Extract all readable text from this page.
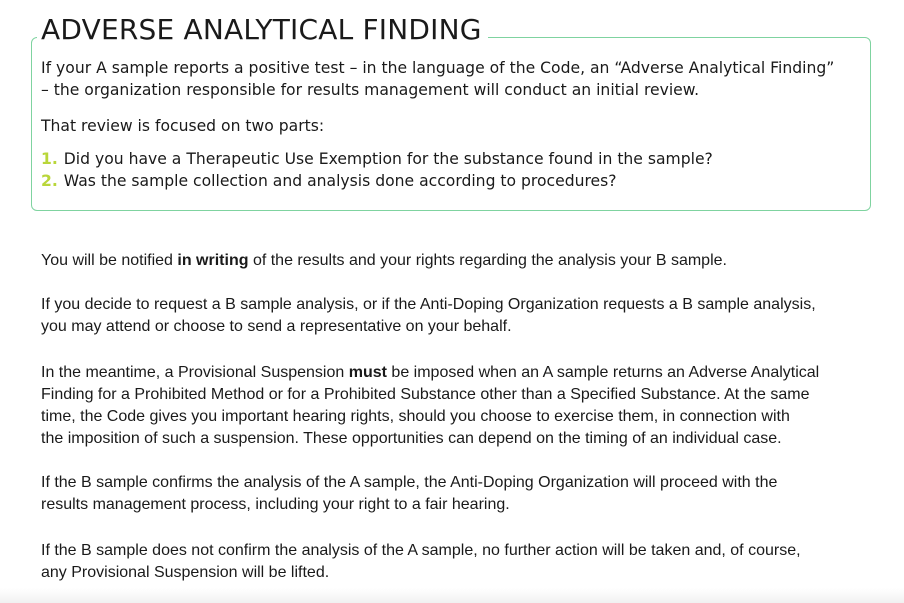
ADVERSE ANALYTICAL FINDING

If your A sample reports a positive test – in the language of the Code, an “Adverse Analytical Finding”

– the organization responsible for results management will conduct an initial review.

That review is focused on two parts:

1. Did you have a Therapeutic Use Exemption for the substance found in the sample?
2. Was the sample collection and analysis done according to procedures?

You will be notified in writing of the results and your rights regarding the analysis your B sample.

If you decide to request a B sample analysis, or if the Anti-Doping Organization requests a B sample analysis,
you may attend or choose to send a representative on your behalf.

In the meantime, a Provisional Suspension must be imposed when an A sample returns an Adverse Analytical
Finding for a Prohibited Method or for a Prohibited Substance other than a Specified Substance. At the same
time, the Code gives you important hearing rights, should you choose to exercise them, in connection with
the imposition of such a suspension. These opportunities can depend on the timing of an individual case.

If the B sample confirms the analysis of the A sample, the Anti-Doping Organization will proceed with the
results management process, including your right to a fair hearing.

If the B sample does not confirm the analysis of the A sample, no further action will be taken and, of course,
any Provisional Suspension will be lifted.
